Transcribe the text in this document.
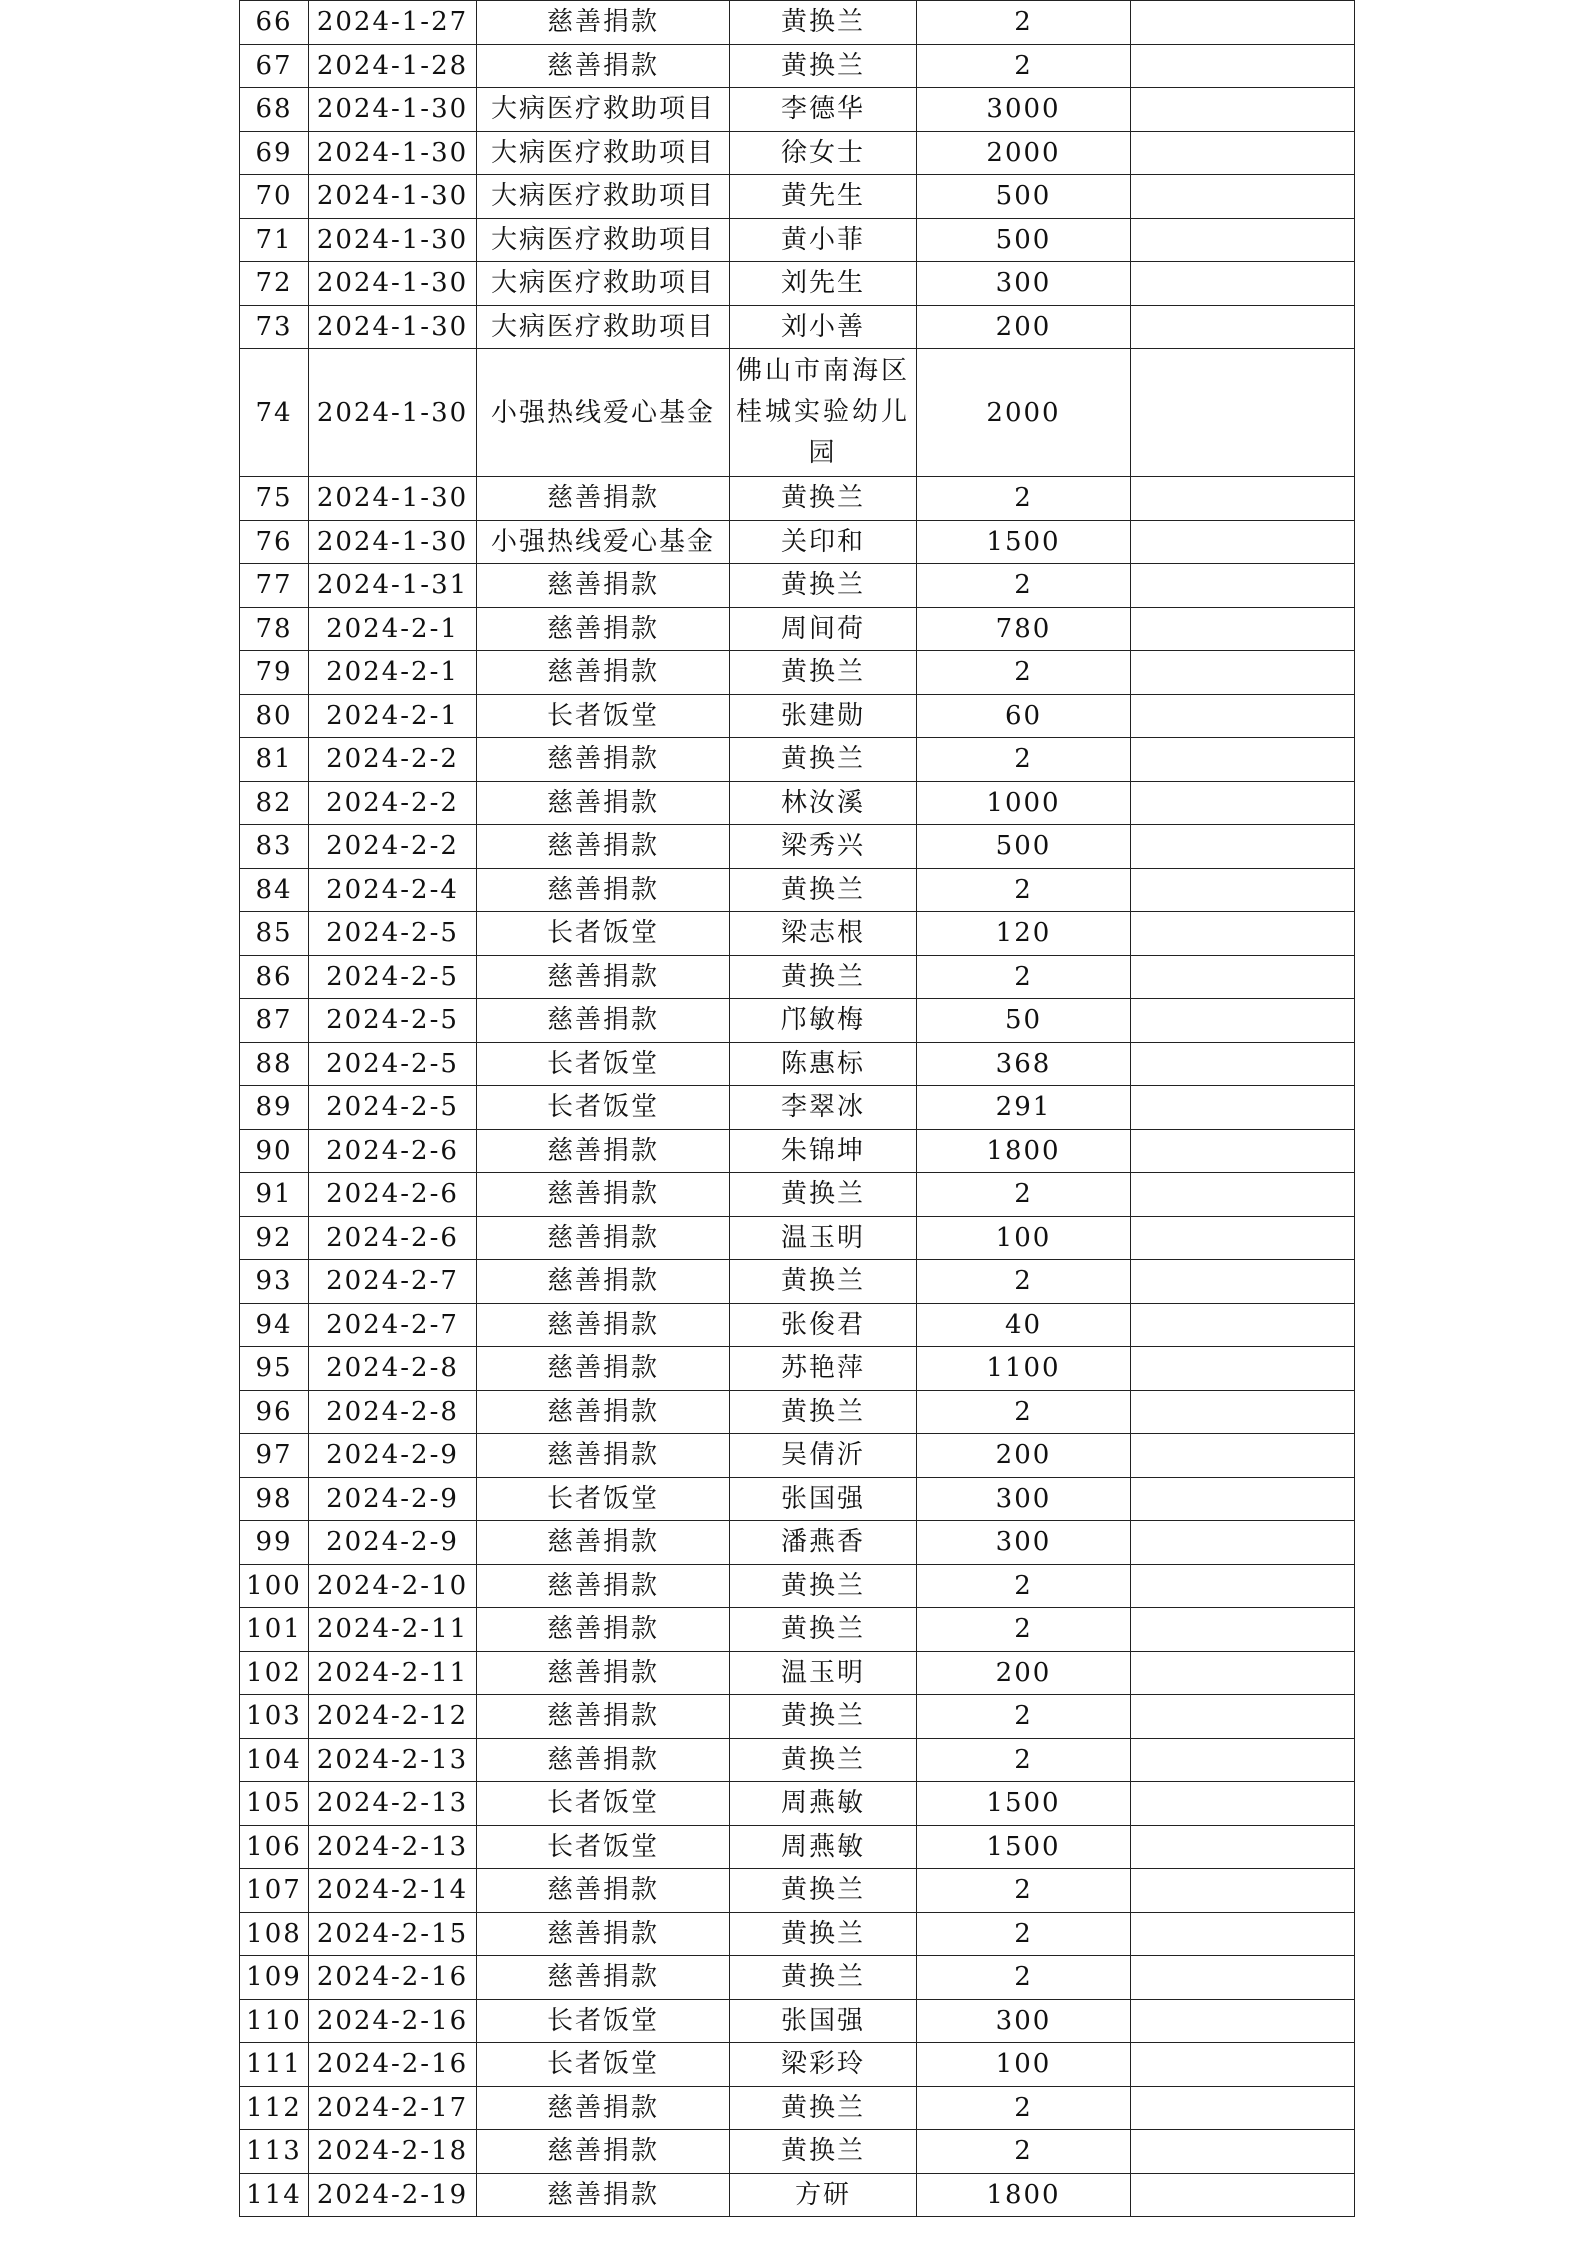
66	2024-1-27	慈善捐款	黄换兰	2	
67	2024-1-28	慈善捐款	黄换兰	2	
68	2024-1-30	大病医疗救助项目	李德华	3000	
69	2024-1-30	大病医疗救助项目	徐女士	2000	
70	2024-1-30	大病医疗救助项目	黄先生	500	
71	2024-1-30	大病医疗救助项目	黄小菲	500	
72	2024-1-30	大病医疗救助项目	刘先生	300	
73	2024-1-30	大病医疗救助项目	刘小善	200	
74	2024-1-30	小强热线爱心基金	佛山市南海区桂城实验幼儿园	2000	
75	2024-1-30	慈善捐款	黄换兰	2	
76	2024-1-30	小强热线爱心基金	关印和	1500	
77	2024-1-31	慈善捐款	黄换兰	2	
78	2024-2-1	慈善捐款	周间荷	780	
79	2024-2-1	慈善捐款	黄换兰	2	
80	2024-2-1	长者饭堂	张建勋	60	
81	2024-2-2	慈善捐款	黄换兰	2	
82	2024-2-2	慈善捐款	林汝溪	1000	
83	2024-2-2	慈善捐款	梁秀兴	500	
84	2024-2-4	慈善捐款	黄换兰	2	
85	2024-2-5	长者饭堂	梁志根	120	
86	2024-2-5	慈善捐款	黄换兰	2	
87	2024-2-5	慈善捐款	邝敏梅	50	
88	2024-2-5	长者饭堂	陈惠标	368	
89	2024-2-5	长者饭堂	李翠冰	291	
90	2024-2-6	慈善捐款	朱锦坤	1800	
91	2024-2-6	慈善捐款	黄换兰	2	
92	2024-2-6	慈善捐款	温玉明	100	
93	2024-2-7	慈善捐款	黄换兰	2	
94	2024-2-7	慈善捐款	张俊君	40	
95	2024-2-8	慈善捐款	苏艳萍	1100	
96	2024-2-8	慈善捐款	黄换兰	2	
97	2024-2-9	慈善捐款	吴倩沂	200	
98	2024-2-9	长者饭堂	张国强	300	
99	2024-2-9	慈善捐款	潘燕香	300	
100	2024-2-10	慈善捐款	黄换兰	2	
101	2024-2-11	慈善捐款	黄换兰	2	
102	2024-2-11	慈善捐款	温玉明	200	
103	2024-2-12	慈善捐款	黄换兰	2	
104	2024-2-13	慈善捐款	黄换兰	2	
105	2024-2-13	长者饭堂	周燕敏	1500	
106	2024-2-13	长者饭堂	周燕敏	1500	
107	2024-2-14	慈善捐款	黄换兰	2	
108	2024-2-15	慈善捐款	黄换兰	2	
109	2024-2-16	慈善捐款	黄换兰	2	
110	2024-2-16	长者饭堂	张国强	300	
111	2024-2-16	长者饭堂	梁彩玲	100	
112	2024-2-17	慈善捐款	黄换兰	2	
113	2024-2-18	慈善捐款	黄换兰	2	
114	2024-2-19	慈善捐款	方研	1800	
